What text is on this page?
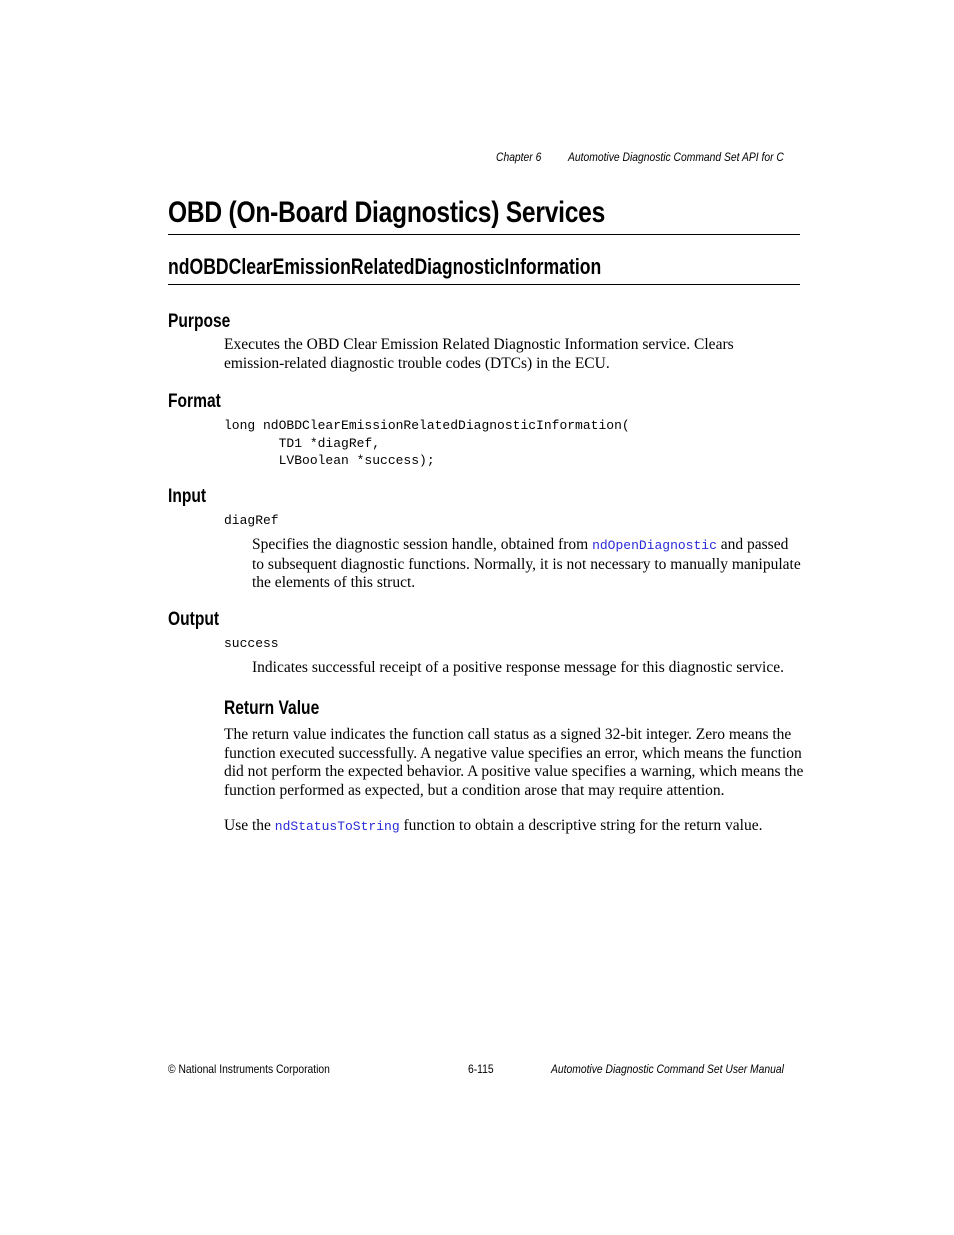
Chapter 6 Automotive Diagnostic Command Set API for C
OBD (On-Board Diagnostics) Services
ndOBDClearEmissionRelatedDiagnosticInformation
Purpose
Executes the OBD Clear Emission Related Diagnostic Information service. Clears
emission-related diagnostic trouble codes (DTCs) in the ECU.
Format
long ndOBDClearEmissionRelatedDiagnosticInformation(
TD1 *diagRef,
LVBoolean *success);
Input
diagRef
Specifies the diagnostic session handle, obtained from ndOpenDiagnostic and passed
to subsequent diagnostic functions. Normally, it is not necessary to manually manipulate
the elements of this struct.
Output
success
Indicates successful receipt of a positive response message for this diagnostic service.
Return Value
The return value indicates the function call status as a signed 32-bit integer. Zero means the
function executed successfully. A negative value specifies an error, which means the function
did not perform the expected behavior. A positive value specifies a warning, which means the
function performed as expected, but a condition arose that may require attention.
Use the ndStatusToString function to obtain a descriptive string for the return value.
© National Instruments Corporation	6-115	Automotive Diagnostic Command Set User Manual
